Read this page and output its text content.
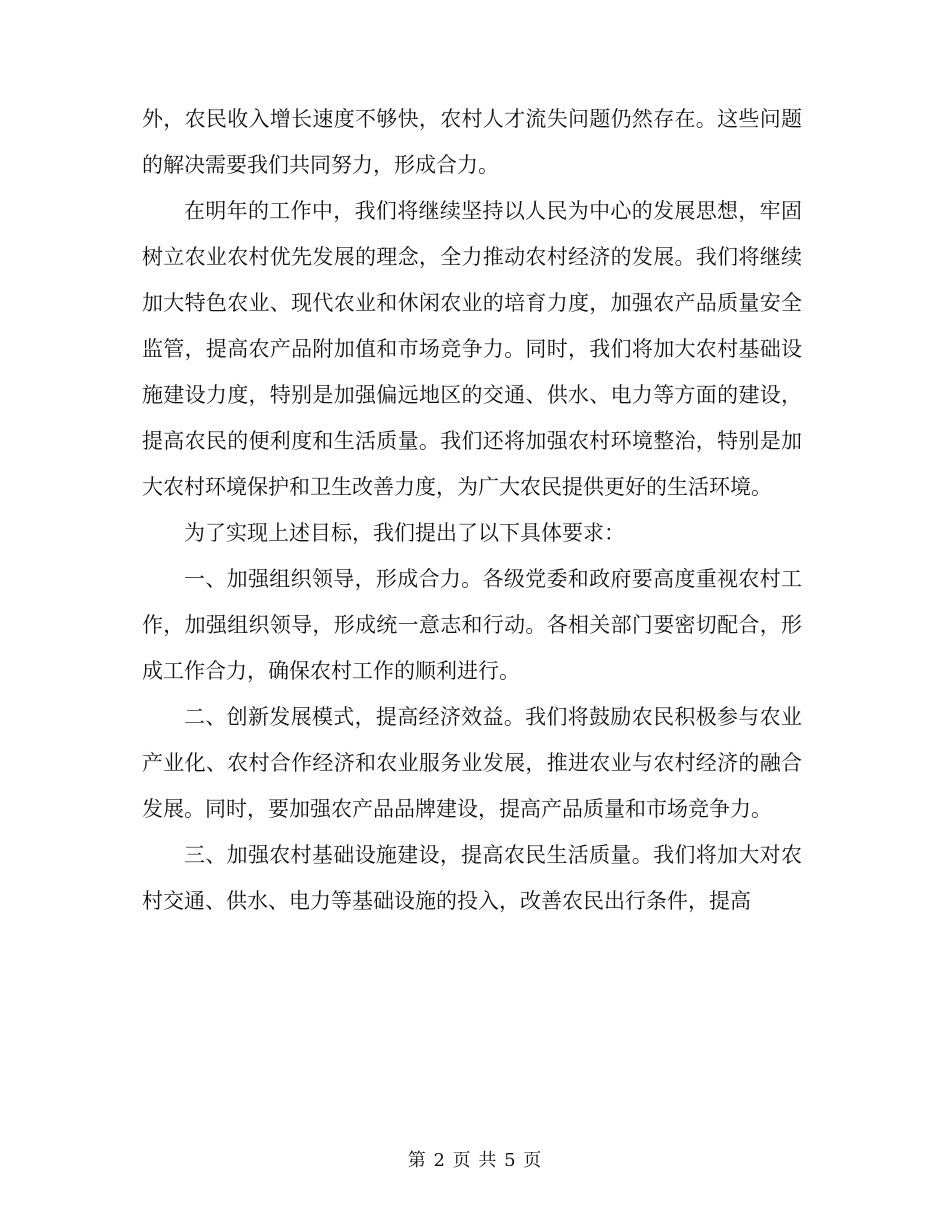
外，农民收入增长速度不够快，农村人才流失问题仍然存在。这些问题的解决需要我们共同努力，形成合力。

在明年的工作中，我们将继续坚持以人民为中心的发展思想，牢固树立农业农村优先发展的理念，全力推动农村经济的发展。我们将继续加大特色农业、现代农业和休闲农业的培育力度，加强农产品质量安全监管，提高农产品附加值和市场竞争力。同时，我们将加大农村基础设施建设力度，特别是加强偏远地区的交通、供水、电力等方面的建设，提高农民的便利度和生活质量。我们还将加强农村环境整治，特别是加大农村环境保护和卫生改善力度，为广大农民提供更好的生活环境。

为了实现上述目标，我们提出了以下具体要求：

一、加强组织领导，形成合力。各级党委和政府要高度重视农村工作，加强组织领导，形成统一意志和行动。各相关部门要密切配合，形成工作合力，确保农村工作的顺利进行。

二、创新发展模式，提高经济效益。我们将鼓励农民积极参与农业产业化、农村合作经济和农业服务业发展，推进农业与农村经济的融合发展。同时，要加强农产品品牌建设，提高产品质量和市场竞争力。

三、加强农村基础设施建设，提高农民生活质量。我们将加大对农村交通、供水、电力等基础设施的投入，改善农民出行条件，提高

第 2 页 共 5 页
